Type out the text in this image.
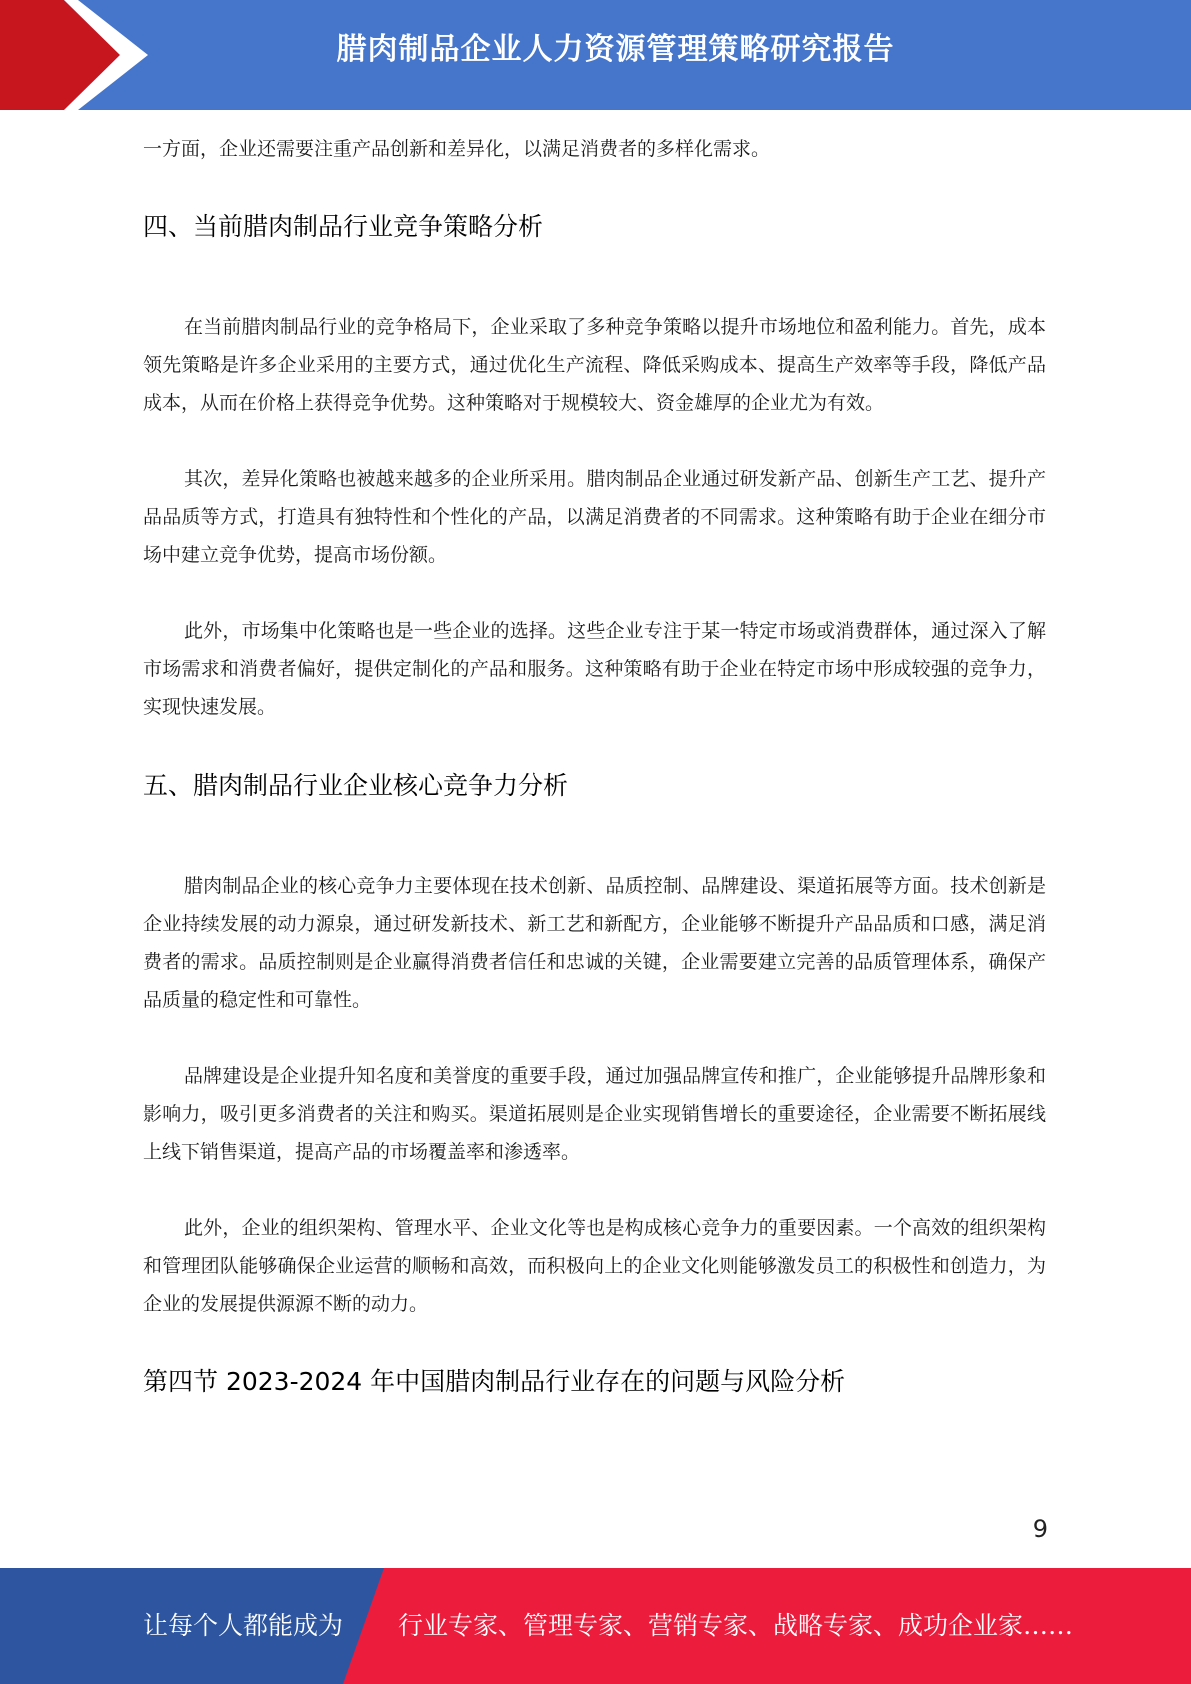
腊肉制品企业人力资源管理策略研究报告

一方面，企业还需要注重产品创新和差异化，以满足消费者的多样化需求。

四、当前腊肉制品行业竞争策略分析

在当前腊肉制品行业的竞争格局下，企业采取了多种竞争策略以提升市场地位和盈利能力。首先，成本领先策略是许多企业采用的主要方式，通过优化生产流程、降低采购成本、提高生产效率等手段，降低产品成本，从而在价格上获得竞争优势。这种策略对于规模较大、资金雄厚的企业尤为有效。

其次，差异化策略也被越来越多的企业所采用。腊肉制品企业通过研发新产品、创新生产工艺、提升产品品质等方式，打造具有独特性和个性化的产品，以满足消费者的不同需求。这种策略有助于企业在细分市场中建立竞争优势，提高市场份额。

此外，市场集中化策略也是一些企业的选择。这些企业专注于某一特定市场或消费群体，通过深入了解市场需求和消费者偏好，提供定制化的产品和服务。这种策略有助于企业在特定市场中形成较强的竞争力，实现快速发展。

五、腊肉制品行业企业核心竞争力分析

腊肉制品企业的核心竞争力主要体现在技术创新、品质控制、品牌建设、渠道拓展等方面。技术创新是企业持续发展的动力源泉，通过研发新技术、新工艺和新配方，企业能够不断提升产品品质和口感，满足消费者的需求。品质控制则是企业赢得消费者信任和忠诚的关键，企业需要建立完善的品质管理体系，确保产品质量的稳定性和可靠性。

品牌建设是企业提升知名度和美誉度的重要手段，通过加强品牌宣传和推广，企业能够提升品牌形象和影响力，吸引更多消费者的关注和购买。渠道拓展则是企业实现销售增长的重要途径，企业需要不断拓展线上线下销售渠道，提高产品的市场覆盖率和渗透率。

此外，企业的组织架构、管理水平、企业文化等也是构成核心竞争力的重要因素。一个高效的组织架构和管理团队能够确保企业运营的顺畅和高效，而积极向上的企业文化则能够激发员工的积极性和创造力，为企业的发展提供源源不断的动力。

第四节 2023-2024 年中国腊肉制品行业存在的问题与风险分析
9
让每个人都能成为 行业专家、管理专家、营销专家、战略专家、成功企业家……
